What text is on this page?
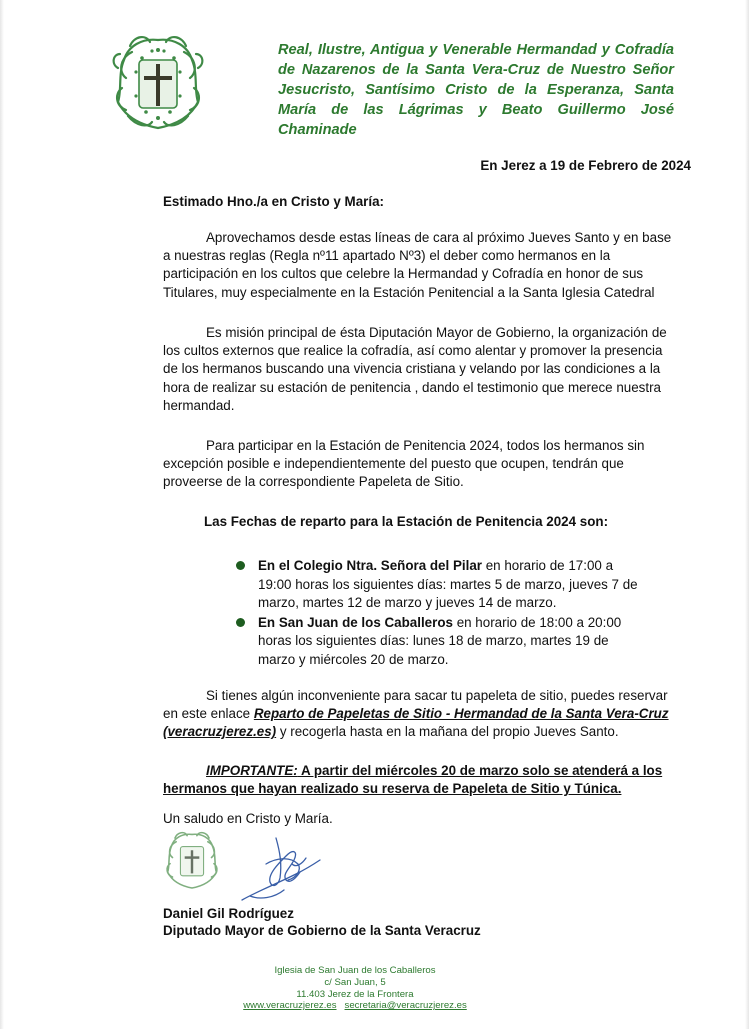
Real, Ilustre, Antigua y Venerable Hermandad y Cofradía de Nazarenos de la Santa Vera-Cruz de Nuestro Señor Jesucristo, Santísimo Cristo de la Esperanza, Santa María de las Lágrimas y Beato Guillermo José Chaminade

En Jerez a 19 de Febrero de 2024
Estimado Hno./a en Cristo y María:

Aprovechamos desde estas líneas de cara al próximo Jueves Santo y en base a nuestras reglas (Regla nº11 apartado Nº3) el deber como hermanos en la participación en los cultos que celebre la Hermandad y Cofradía en honor de sus Titulares, muy especialmente en la Estación Penitencial a la Santa Iglesia Catedral

Es misión principal de ésta Diputación Mayor de Gobierno, la organización de los cultos externos que realice la cofradía, así como alentar y promover la presencia de los hermanos buscando una vivencia cristiana y velando por las condiciones a la hora de realizar su estación de penitencia , dando el testimonio que merece nuestra hermandad.

Para participar en la Estación de Penitencia 2024, todos los hermanos sin excepción posible e independientemente del puesto que ocupen, tendrán que proveerse de la correspondiente Papeleta de Sitio.

Las Fechas de reparto para la Estación de Penitencia 2024 son:
En el Colegio Ntra. Señora del Pilar en horario de 17:00 a 19:00 horas los siguientes días: martes 5 de marzo, jueves 7 de marzo, martes 12 de marzo y jueves 14 de marzo.
En San Juan de los Caballeros en horario de 18:00 a 20:00 horas los siguientes días: lunes 18 de marzo, martes 19 de marzo y miércoles 20 de marzo.

Si tienes algún inconveniente para sacar tu papeleta de sitio, puedes reservar en este enlace Reparto de Papeletas de Sitio - Hermandad de la Santa Vera-Cruz (veracruzjerez.es) y recogerla hasta en la mañana del propio Jueves Santo.

IMPORTANTE: A partir del miércoles 20 de marzo solo se atenderá a los hermanos que hayan realizado su reserva de Papeleta de Sitio y Túnica.

Un saludo en Cristo y María.
Daniel Gil Rodríguez
Diputado Mayor de Gobierno de la Santa Veracruz
Iglesia de San Juan de los Caballeros
c/ San Juan, 5
11.403 Jerez de la Frontera
www.veracruzjerez.es secretaria@veracruzjerez.es
